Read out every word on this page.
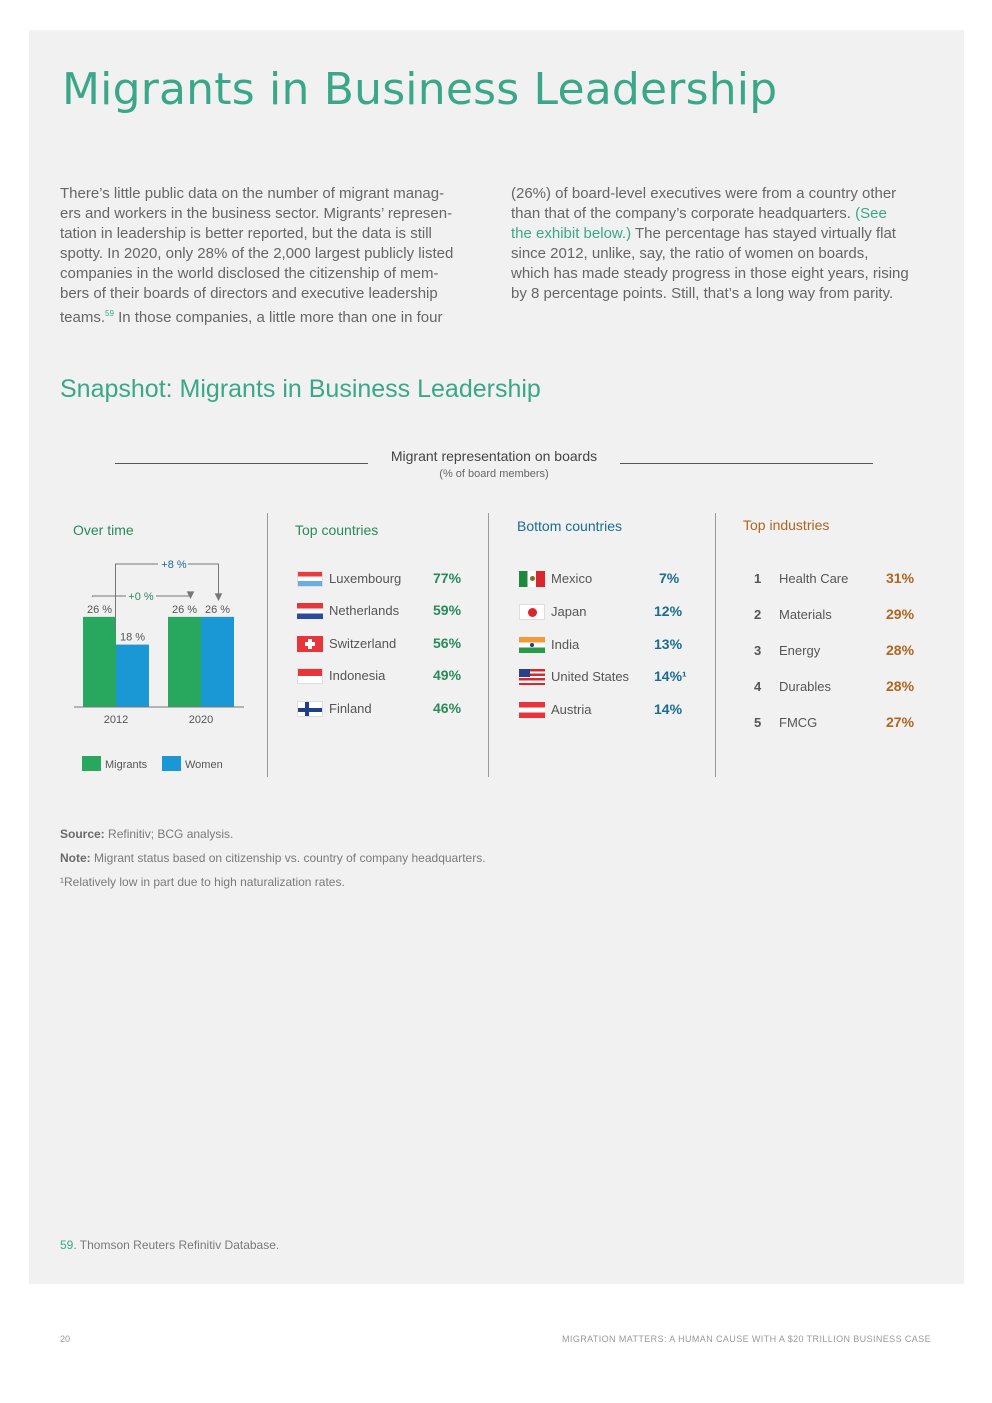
Migrants in Business Leadership
There’s little public data on the number of migrant manag-
ers and workers in the business sector. Migrants’ represen-
tation in leadership is better reported, but the data is still
spotty. In 2020, only 28% of the 2,000 largest publicly listed
companies in the world disclosed the citizenship of mem-
bers of their boards of directors and executive leadership
teams.$^{59}$ In those companies, a little more than one in four
(26%) of board-level executives were from a country other
than that of the company’s corporate headquarters. (See
the exhibit below.) The percentage has stayed virtually flat
since 2012, unlike, say, the ratio of women on boards,
which has made steady progress in those eight years, rising
by 8 percentage points. Still, that’s a long way from parity.
Snapshot: Migrants in Business Leadership
Migrant representation on boards
(% of board members)
Over time	Top countries	Bottom countries	Top industries
26 %
18 %
2012
26 % 26 %
2020
+0 %
+8 %
Migrants	Women
Luxembourg 77%
Netherlands 59%
Switzerland	56%
Indonesia	49%
Finland	46%
Mexico	7%
Japan	12%
India	13%
United States 14%¹
Austria	14%
1 Health Care	31%
2 Materials	29%
3 Energy	28%
4 Durables	28%
5 FMCG	27%
Source: Refinitiv; BCG analysis.
Note: Migrant status based on citizenship vs. country of company headquarters.
¹Relatively low in part due to high naturalization rates.
59. Thomson Reuters Refinitiv Database.
20	MIGRATION MATTERS: A HUMAN CAUSE WITH A $20 TRILLION BUSINESS CASE
